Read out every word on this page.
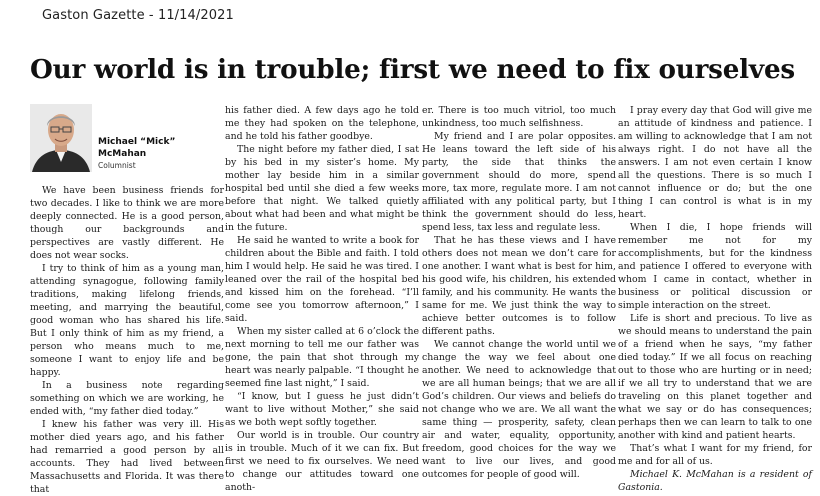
Gaston Gazette - 11/14/2021
Our world is in trouble; first we need to fix ourselves
Michael “Mick”
McMahan
Columnist

We have been business friends for two decades. I like to think we are more deeply connected. He is a good person, though our backgrounds and perspectives are vastly different. He does not wear socks.

I try to think of him as a young man, attending synagogue, following family traditions, making lifelong friends, meeting, and marrying the beautiful, good woman who has shared his life. But I only think of him as my friend, a person who means much to me, someone I want to enjoy life and be happy.

In a business note regarding something on which we are working, he ended with, “my father died today.”

I knew his father was very ill. His mother died years ago, and his father had remarried a good person by all accounts. They had lived between Massachusetts and Florida. It was there that

his father died. A few days ago he told me they had spoken on the telephone, and he told his father goodbye.

The night before my father died, I sat by his bed in my sister’s home. My mother lay beside him in a similar hospital bed until she died a few weeks before that night. We talked quietly about what had been and what might be in the future.

He said he wanted to write a book for children about the Bible and faith. I told him I would help. He said he was tired. I leaned over the rail of the hospital bed and kissed him on the forehead. “I’ll come see you tomorrow afternoon,” I said.

When my sister called at 6 o’clock the next morning to tell me our father was gone, the pain that shot through my heart was nearly palpable. “I thought he seemed fine last night,” I said.

“I know, but I guess he just didn’t want to live without Mother,” she said as we both wept softly together.

Our world is in trouble. Our country is in trouble. Much of it we can fix. But first we need to fix ourselves. We need to change our attitudes toward one anoth-

er. There is too much vitriol, too much unkindness, too much selfishness.

My friend and I are polar opposites. He leans toward the left side of his party, the side that thinks the government should do more, spend more, tax more, regulate more. I am not affiliated with any political party, but I think the government should do less, spend less, tax less and regulate less.

That he has these views and I have others does not mean we don’t care for one another. I want what is best for him, his good wife, his children, his extended family, and his community. He wants the same for me. We just think the way to achieve better outcomes is to follow different paths.

We cannot change the world until we change the way we feel about one another. We need to acknowledge that we are all human beings; that we are all God’s children. Our views and beliefs do not change who we are. We all want the same thing — prosperity, safety, clean air and water, equality, opportunity, freedom, good choices for the way we want to live our lives, and good outcomes for people of good will.

I pray every day that God will give me an attitude of kindness and patience. I am willing to acknowledge that I am not always right. I do not have all the answers. I am not even certain I know all the questions. There is so much I cannot influence or do; but the one thing I can control is what is in my heart.

When I die, I hope friends will remember me not for my accomplishments, but for the kindness and patience I offered to everyone with whom I came in contact, whether in business or political discussion or simple interaction on the street.

Life is short and precious. To live as we should means to understand the pain of a friend when he says, “my father died today.” If we all focus on reaching out to those who are hurting or in need; if we all try to understand that we are traveling on this planet together and what we say or do has consequences; perhaps then we can learn to talk to one another with kind and patient hearts.

That’s what I want for my friend, for me and for all of us.

Michael K. McMahan is a resident of Gastonia.
